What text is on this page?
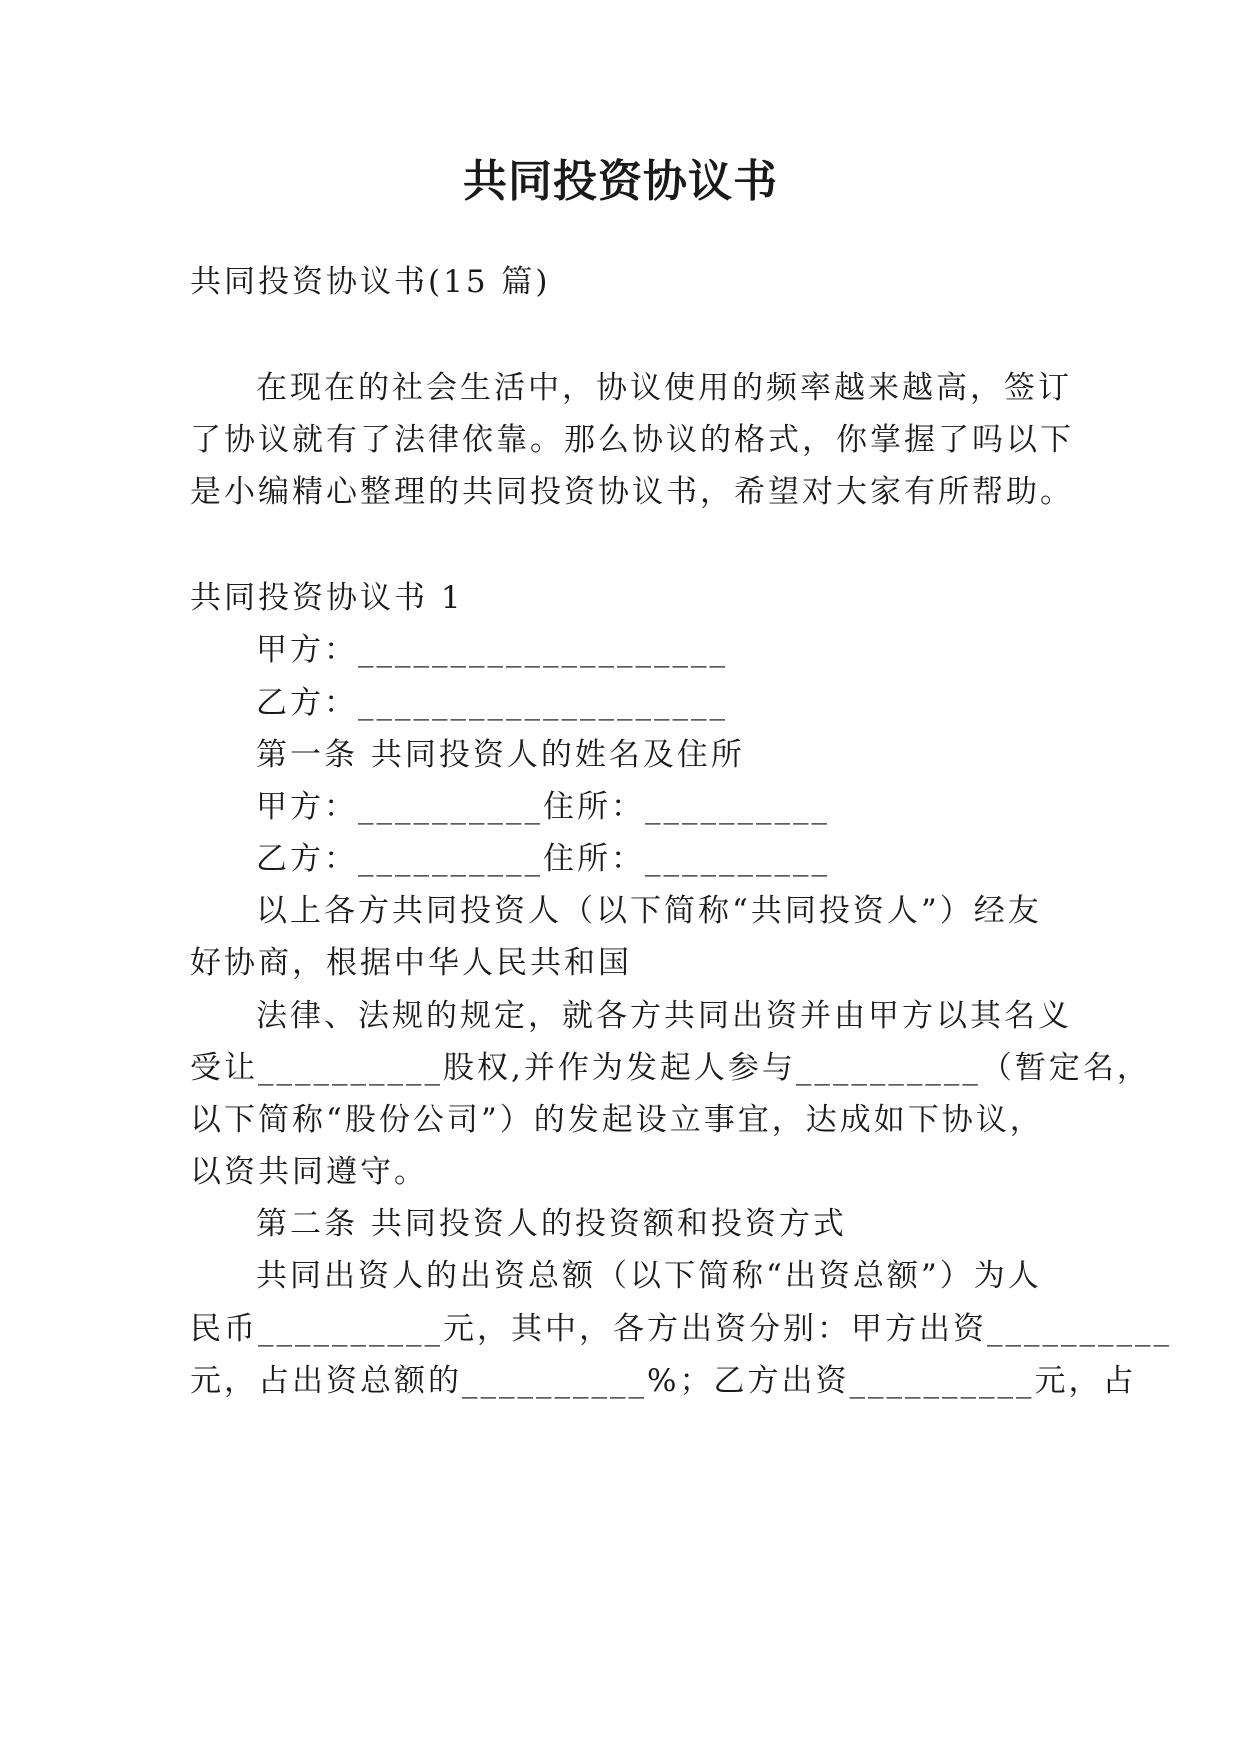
共同投资协议书
共同投资协议书(15 篇)
在现在的社会生活中，协议使用的频率越来越高，签订
了协议就有了法律依靠。那么协议的格式，你掌握了吗以下
是小编精心整理的共同投资协议书，希望对大家有所帮助。
共同投资协议书 1
甲方：____________________
乙方：____________________
第一条 共同投资人的姓名及住所
甲方：__________住所：__________
乙方：__________住所：__________
以上各方共同投资人（以下简称“共同投资人”）经友
好协商，根据中华人民共和国
法律、法规的规定，就各方共同出资并由甲方以其名义
受让__________股权,并作为发起人参与__________（暂定名，
以下简称“股份公司”）的发起设立事宜，达成如下协议，
以资共同遵守。
第二条 共同投资人的投资额和投资方式
共同出资人的出资总额（以下简称“出资总额”）为人
民币__________元，其中，各方出资分别：甲方出资__________
元，占出资总额的__________%；乙方出资__________元，占
